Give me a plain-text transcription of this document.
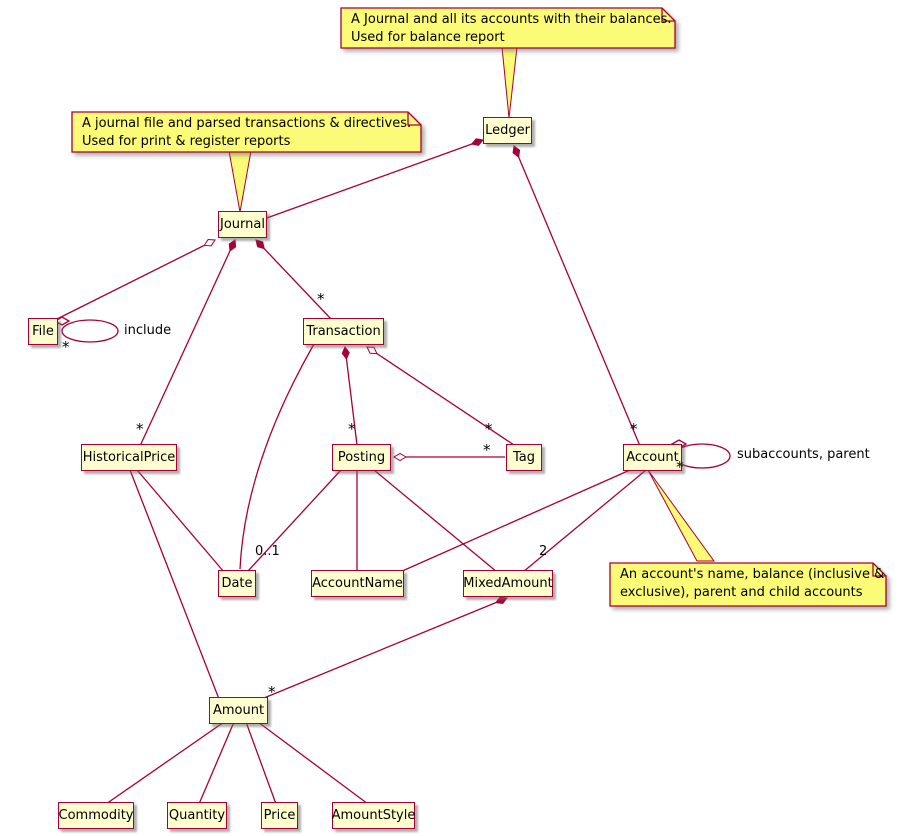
A Journal and all its accounts with their balances.
Used for balance report
A journal file and parsed transactions & directives.
Used for print & register reports
An account's name, balance (inclusive &
exclusive), parent and child accounts
Ledger
Journal
File	Transaction
HistoricalPrice	Posting	Tag	Account
Date	AccountName	MixedAmount
Amount
Commodity	Quantity	Price	AmountStyle
include
*
*
*	*	*
*
*
*
subaccounts, parent
0..1	2
*
